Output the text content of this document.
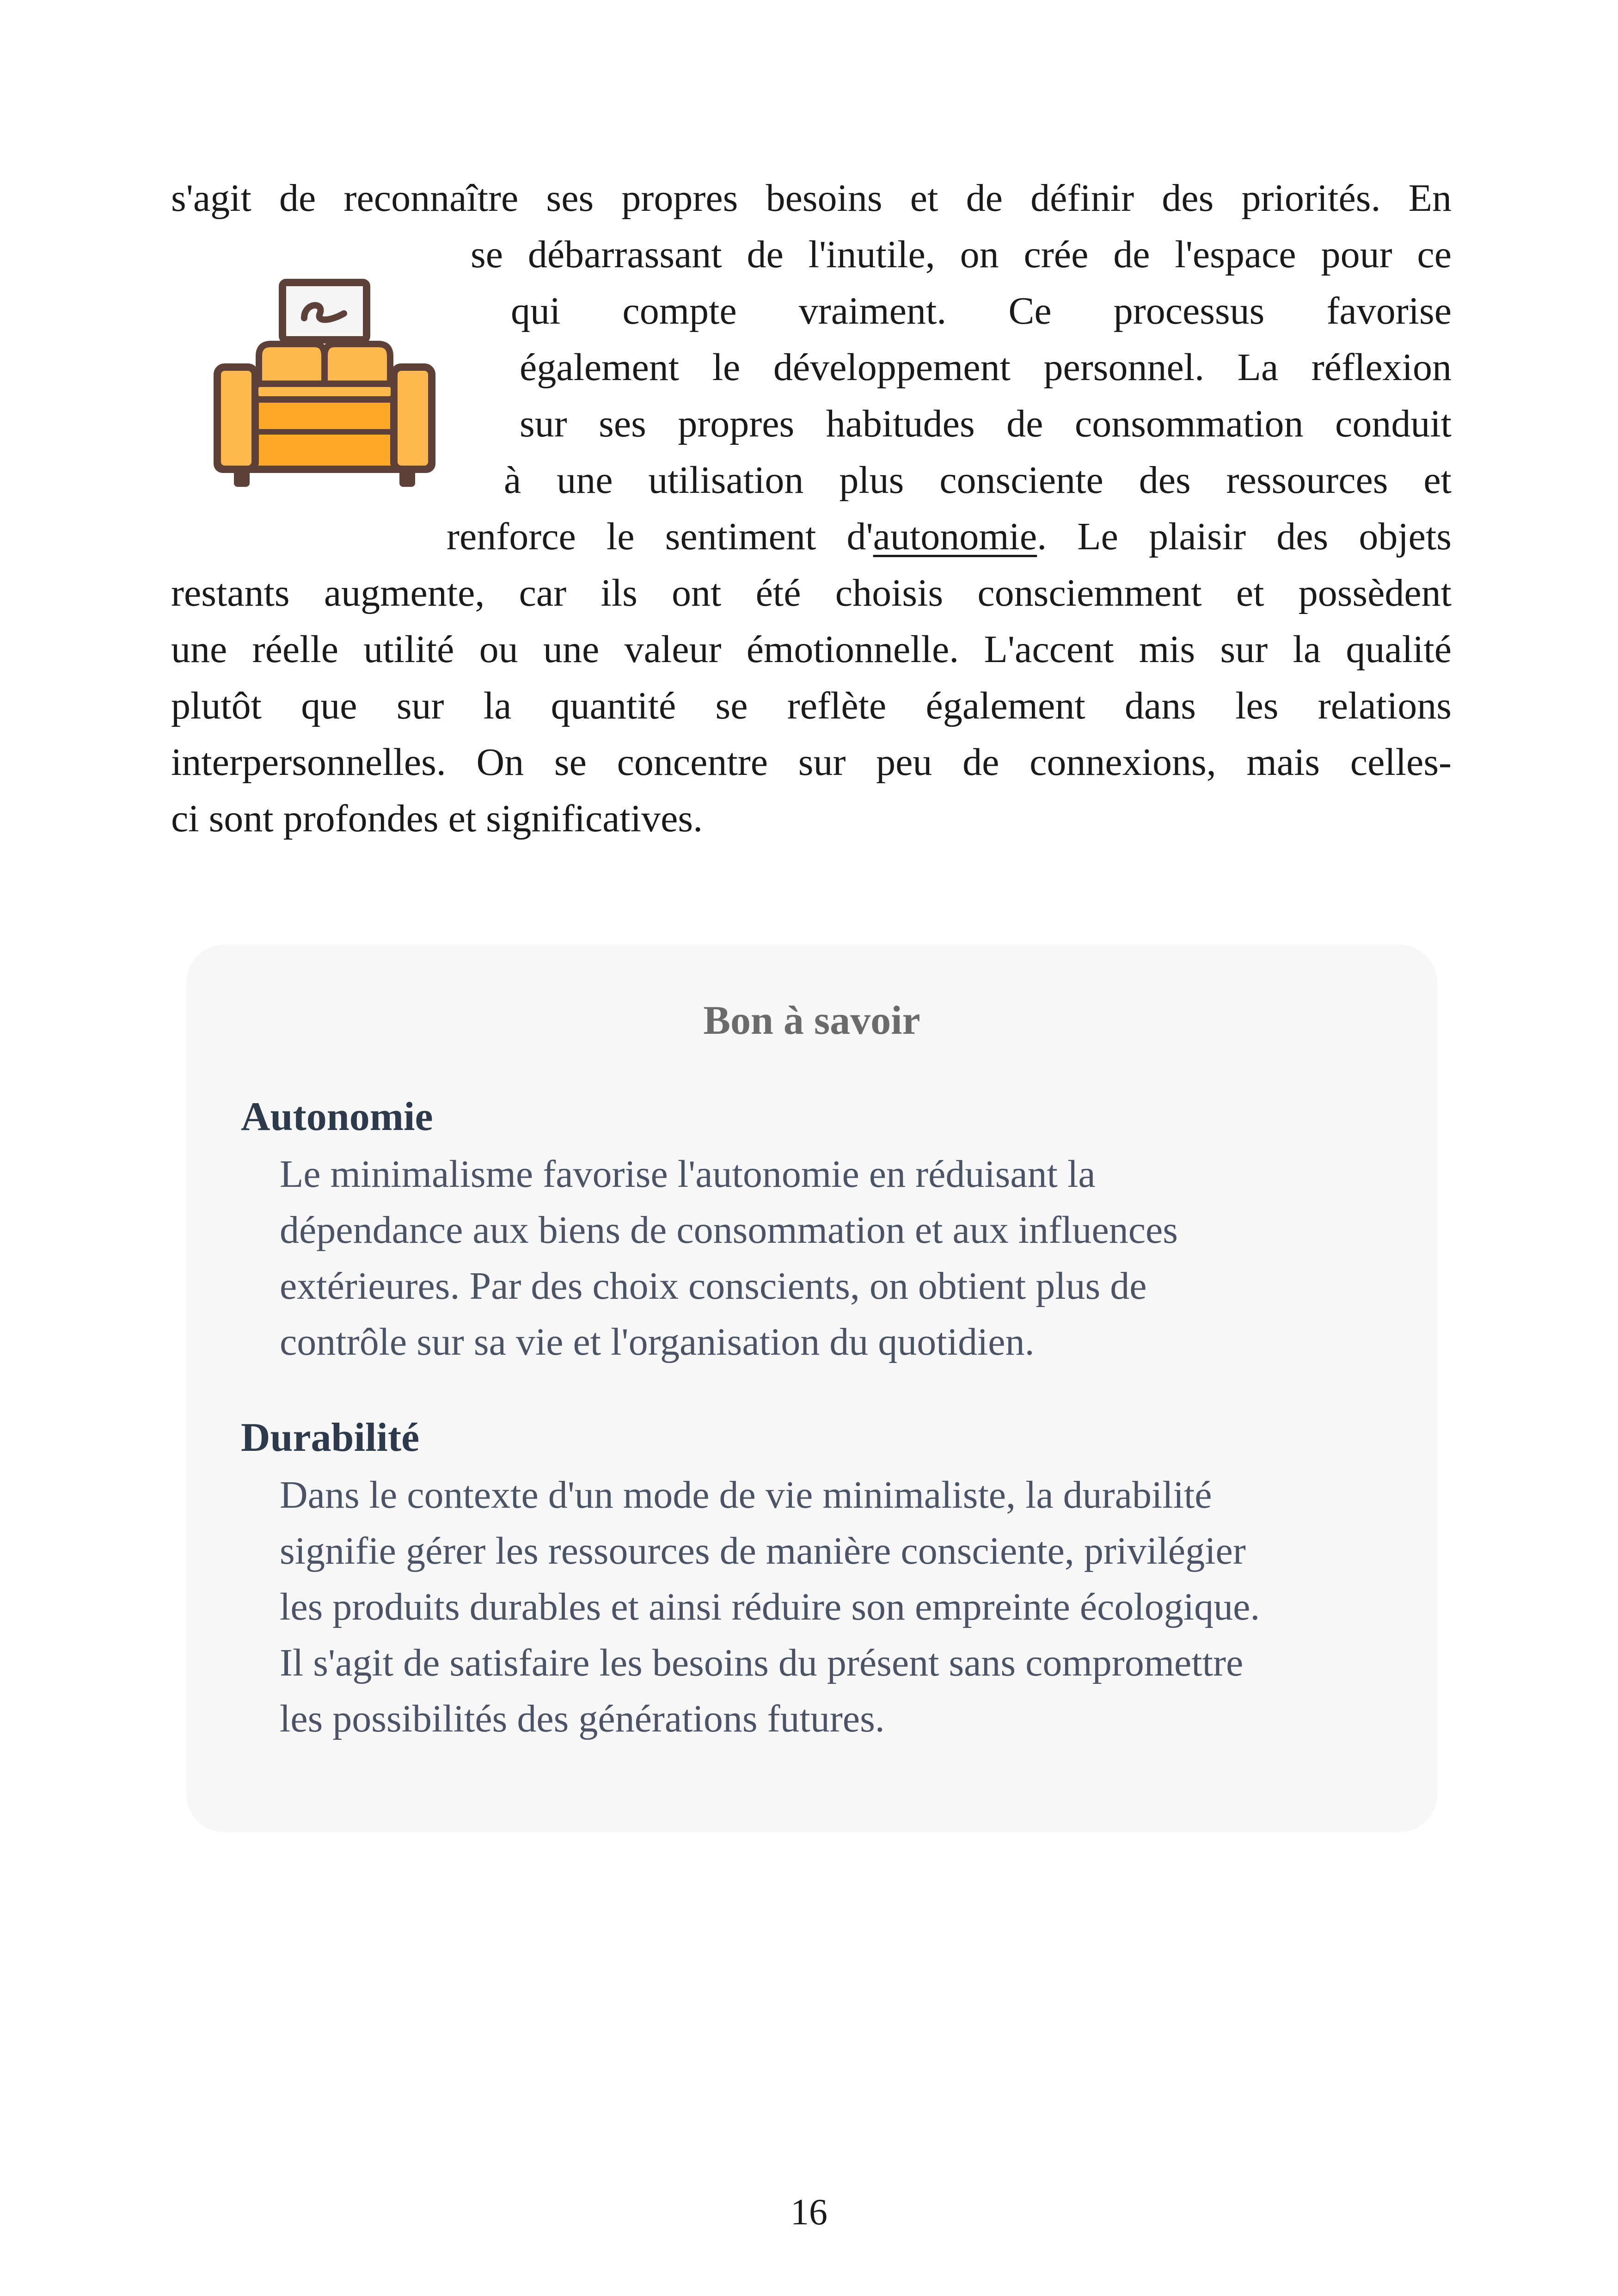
s'agit de reconnaître ses propres besoins et de définir des priorités. En

se débarrassant de l'inutile, on crée de l'espace pour ce

qui compte vraiment. Ce processus favorise

également le développement personnel. La réflexion

sur ses propres habitudes de consommation conduit

à une utilisation plus consciente des ressources et

renforce le sentiment d'autonomie. Le plaisir des objets

restants augmente, car ils ont été choisis consciemment et possèdent

une réelle utilité ou une valeur émotionnelle. L'accent mis sur la qualité

plutôt que sur la quantité se reflète également dans les relations

interpersonnelles. On se concentre sur peu de connexions, mais celles-

ci sont profondes et significatives.

Bon à savoir
Autonomie
Le minimalisme favorise l'autonomie en réduisant la
dépendance aux biens de consommation et aux influences
extérieures. Par des choix conscients, on obtient plus de
contrôle sur sa vie et l'organisation du quotidien.
Durabilité
Dans le contexte d'un mode de vie minimaliste, la durabilité
signifie gérer les ressources de manière consciente, privilégier
les produits durables et ainsi réduire son empreinte écologique.
Il s'agit de satisfaire les besoins du présent sans compromettre
les possibilités des générations futures.
16
